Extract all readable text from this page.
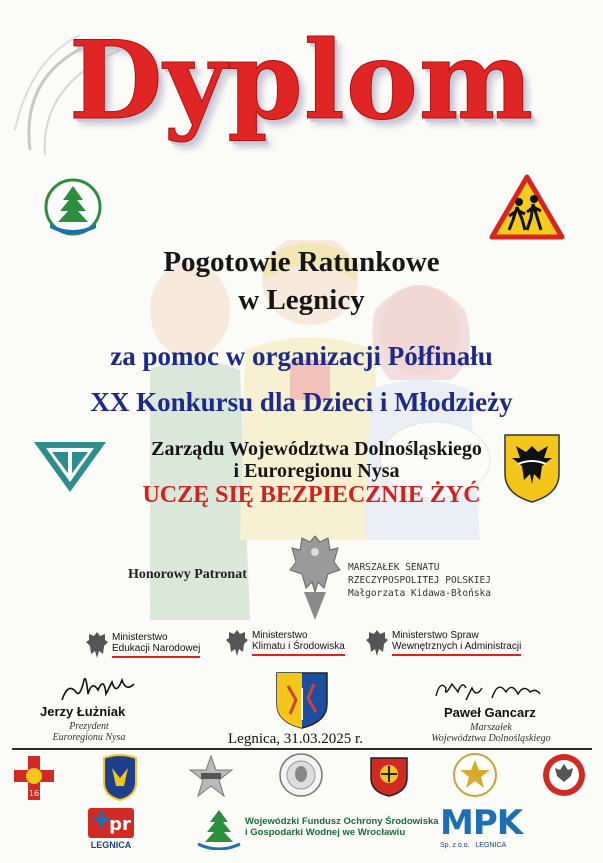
Dyplom
Pogotowie Ratunkowe
w Legnicy
za pomoc w organizacji Półfinału
XX Konkursu dla Dzieci i Młodzieży
Zarządu Województwa Dolnośląskiego
i Euroregionu Nysa
UCZĘ SIĘ BEZPIECZNIE ŻYĆ
Honorowy Patronat	MARSZAŁEK SENATU
RZECZYPOSPOLITEJ POLSKIEJ
Małgorzata Kidawa-Błońska
Ministerstwo
Edukacji Narodowej
Ministerstwo
Klimatu i Środowiska
Ministerstwo Spraw
Wewnętrznych i Administracji
Jerzy Łużniak
Prezydent
Euroregionu Nysa	Legnica, 31.03.2025 r.
Paweł Gancarz
Marszałek
Województwa Dolnośląskiego
16
pr
LEGNICA
Wojewódzki Fundusz Ochrony Środowiska
i Gospodarki Wodnej we Wrocławiu	MPK
Sp. z o.o.   LEGNICA
